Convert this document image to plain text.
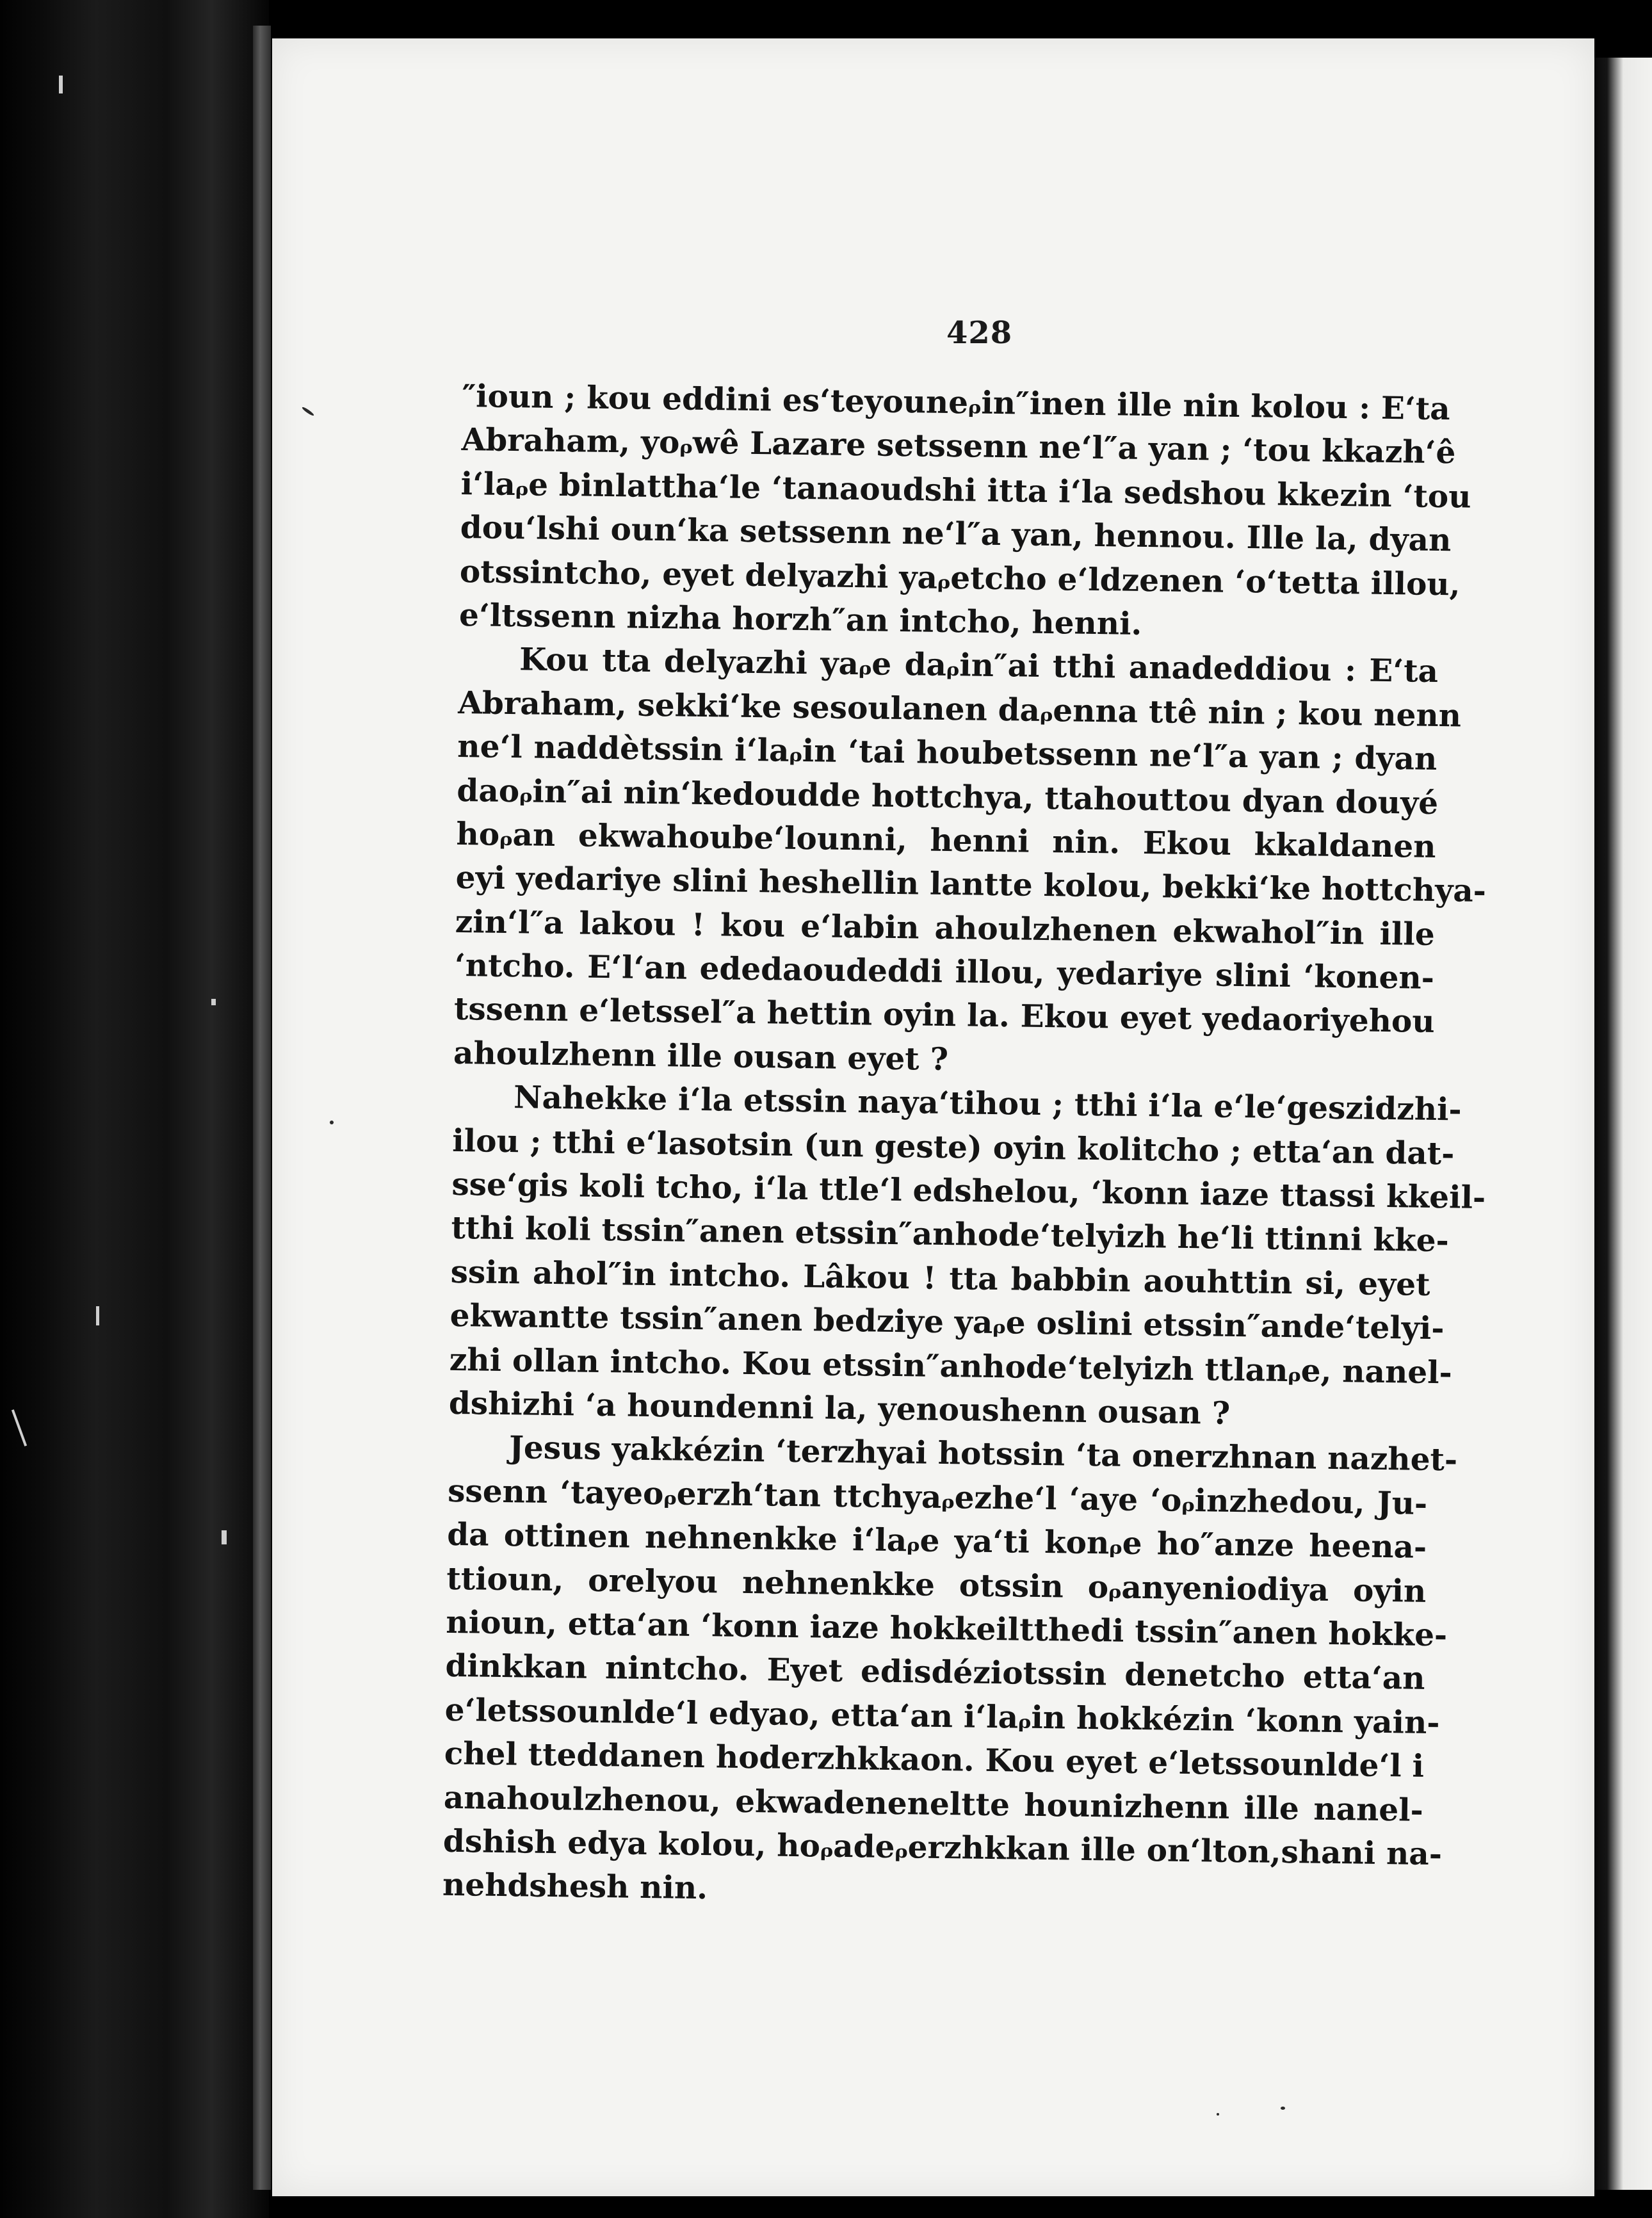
428
″ioun ; kou eddini es‘teyouneᵨin″inen ille nin kolou : E‘ta
Abraham, yoᵨwê Lazare setssenn ne‘l″a yan ; ‘tou kkazh‘ê
i‘laᵨe binlattha‘le ‘tanaoudshi itta i‘la sedshou kkezin ‘tou
dou‘lshi oun‘ka setssenn ne‘l″a yan, hennou. Ille la, dyan
otssintcho, eyet delyazhi yaᵨetcho e‘ldzenen ‘o‘tetta illou,
e‘ltssenn nizha horzh″an intcho, henni.
Kou tta delyazhi yaᵨe daᵨin″ai tthi anadeddiou : E‘ta
Abraham, sekki‘ke sesoulanen daᵨenna ttê nin ; kou nenn
ne‘l naddètssin i‘laᵨin ‘tai houbetssenn ne‘l″a yan ; dyan
daoᵨin″ai nin‘kedoudde hottchya, ttahouttou dyan douyé
hoᵨan ekwahoube‘lounni, henni nin. Ekou kkaldanen
eyi yedariye slini heshellin lantte kolou, bekki‘ke hottchya-
zin‘l″a lakou ! kou e‘labin ahoulzhenen ekwahol″in ille
‘ntcho. E‘l‘an ededaoudeddi illou, yedariye slini ‘konen-
tssenn e‘letssel″a hettin oyin la. Ekou eyet yedaoriyehou
ahoulzhenn ille ousan eyet ?
Nahekke i‘la etssin naya‘tihou ; tthi i‘la e‘le‘geszidzhi-
ilou ; tthi e‘lasotsin (un geste) oyin kolitcho ; etta‘an dat-
sse‘gis koli tcho, i‘la ttle‘l edshelou, ‘konn iaze ttassi kkeil-
tthi koli tssin″anen etssin″anhode‘telyizh he‘li ttinni kke-
ssin ahol″in intcho. Lâkou ! tta babbin aouhttin si, eyet
ekwantte tssin″anen bedziye yaᵨe oslini etssin″ande‘telyi-
zhi ollan intcho. Kou etssin″anhode‘telyizh ttlanᵨe, nanel-
dshizhi ‘a houndenni la, yenoushenn ousan ?
Jesus yakkézin ‘terzhyai hotssin ‘ta onerzhnan nazhet-
ssenn ‘tayeoᵨerzh‘tan ttchyaᵨezhe‘l ‘aye ‘oᵨinzhedou, Ju-
da ottinen nehnenkke i‘laᵨe ya‘ti konᵨe ho″anze heena-
ttioun, orelyou nehnenkke otssin oᵨanyeniodiya oyin
nioun, etta‘an ‘konn iaze hokkeiltthedi tssin″anen hokke-
dinkkan nintcho. Eyet edisdéziotssin denetcho etta‘an
e‘letssounlde‘l edyao, etta‘an i‘laᵨin hokkézin ‘konn yain-
chel tteddanen hoderzhkkaon. Kou eyet e‘letssounlde‘l i
anahoulzhenou, ekwadeneneltte hounizhenn ille nanel-
dshish edya kolou, hoᵨadeᵨerzhkkan ille on‘lton,shani na-
nehdshesh nin.
